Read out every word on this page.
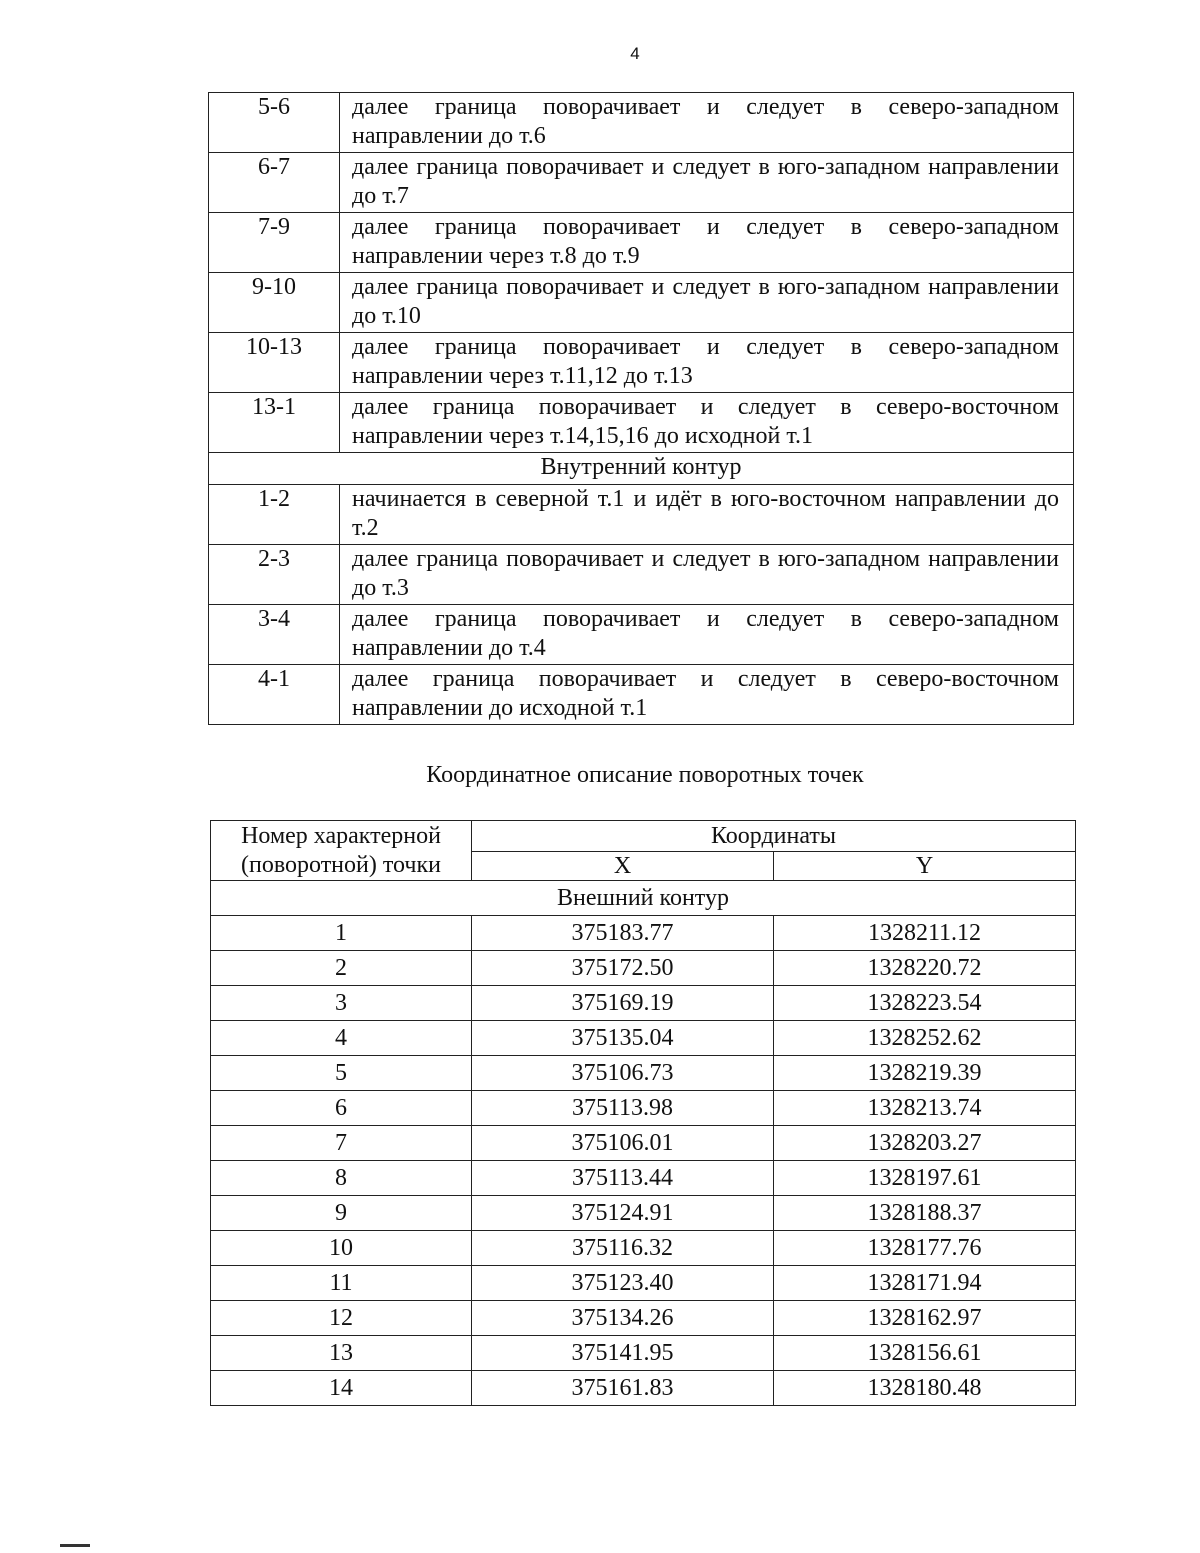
4
5-6	далее граница поворачивает и следует в северо-западном направлении до т.6
6-7	далее граница поворачивает и следует в юго-западном направлении до т.7
7-9	далее граница поворачивает и следует в северо-западном направлении через т.8 до т.9
9-10	далее граница поворачивает и следует в юго-западном направлении до т.10
10-13	далее граница поворачивает и следует в северо-западном направлении через т.11,12 до т.13
13-1	далее граница поворачивает и следует в северо-восточном направлении через т.14,15,16 до исходной т.1
Внутренний контур	
1-2	начинается в северной т.1 и идёт в юго-восточном направлении до т.2
2-3	далее граница поворачивает и следует в юго-западном направлении до т.3
3-4	далее граница поворачивает и следует в северо-западном направлении до т.4
4-1	далее граница поворачивает и следует в северо-восточном направлении до исходной т.1
Координатное описание поворотных точек
Номер характерной (поворотной) точки	Координаты	
	X	Y
Внешний контур		
1	375183.77	1328211.12
2	375172.50	1328220.72
3	375169.19	1328223.54
4	375135.04	1328252.62
5	375106.73	1328219.39
6	375113.98	1328213.74
7	375106.01	1328203.27
8	375113.44	1328197.61
9	375124.91	1328188.37
10	375116.32	1328177.76
11	375123.40	1328171.94
12	375134.26	1328162.97
13	375141.95	1328156.61
14	375161.83	1328180.48
